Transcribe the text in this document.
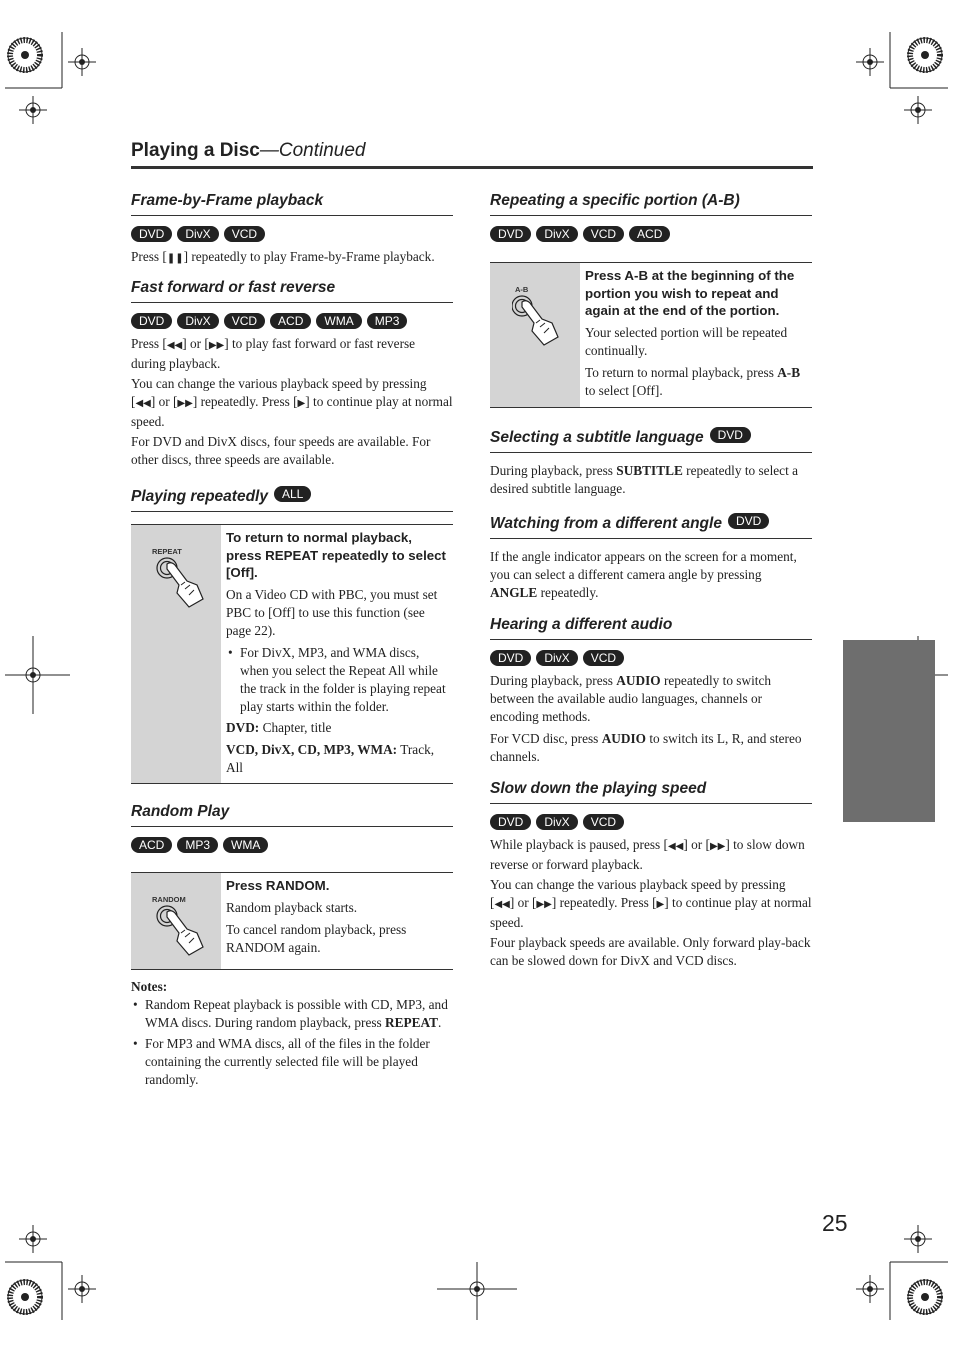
Playing a Disc—Continued
Frame-by-Frame playback
DVD	DivX	VCD
Press [❚❚] repeatedly to play Frame-by-Frame playback.
Fast forward or fast reverse
DVD	DivX	VCD	ACD	WMA	MP3
Press [◀◀] or [▶▶] to play fast forward or fast reverse during playback.
You can change the various playback speed by pressing [◀◀] or [▶▶] repeatedly. Press [▶] to continue play at normal speed.
For DVD and DivX discs, four speeds are available. For other discs, three speeds are available.
Playing repeatedly ALL
REPEAT

To return to normal playback, press REPEAT repeatedly to select [Off].

On a Video CD with PBC, you must set PBC to [Off] to use this function (see page 22).

• For DivX, MP3, and WMA discs, when you select the Repeat All while the track in the folder is playing repeat play starts within the folder.

DVD: Chapter, title

VCD, DivX, CD, MP3, WMA: Track, All

Random Play
ACD	MP3	WMA
RANDOM

Press RANDOM.

Random playback starts.

To cancel random playback, press RANDOM again.

Notes:
• Random Repeat playback is possible with CD, MP3, and WMA discs. During random playback, press REPEAT.
• For MP3 and WMA discs, all of the files in the folder containing the currently selected file will be played randomly.
Repeating a specific portion (A-B)
DVD	DivX	VCD	ACD
A-B

Press A-B at the beginning of the portion you wish to repeat and again at the end of the portion.

Your selected portion will be repeated continually.

To return to normal playback, press A-B to select [Off].

Selecting a subtitle language DVD
During playback, press SUBTITLE repeatedly to select a desired subtitle language.
Watching from a different angle DVD
If the angle indicator appears on the screen for a moment, you can select a different camera angle by pressing ANGLE repeatedly.
Hearing a different audio
DVD	DivX	VCD
During playback, press AUDIO repeatedly to switch between the available audio languages, channels or encoding methods.
For VCD disc, press AUDIO to switch its L, R, and stereo channels.
Slow down the playing speed
DVD	DivX	VCD
While playback is paused, press [◀◀] or [▶▶] to slow down reverse or forward playback.
You can change the various playback speed by pressing [◀◀] or [▶▶] repeatedly. Press [▶] to continue play at normal speed.
Four playback speeds are available. Only forward play-back can be slowed down for DivX and VCD discs.
25
